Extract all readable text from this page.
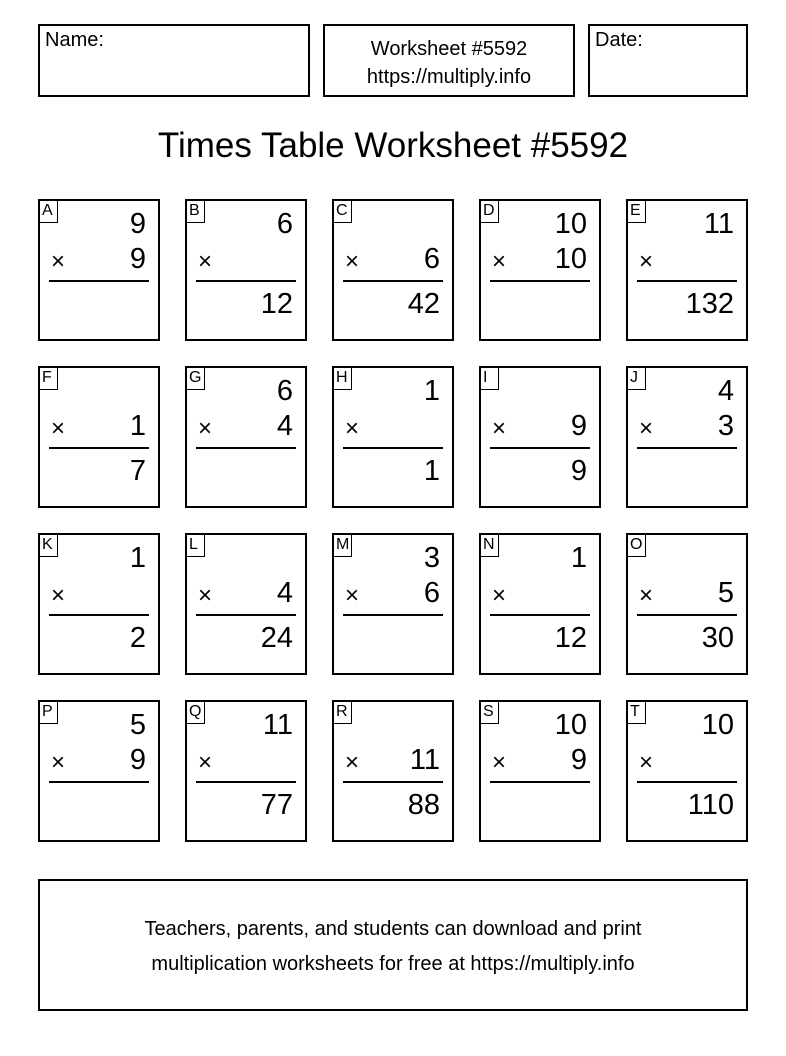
Name:	Worksheet #5592
https://multiply.info
Date:
Times Table Worksheet #5592
A	9
× 9
B	6
×
12
C
× 6
42
D 10
× 10
E 11
×
132
F
× 1
7
G	6
× 4
H	1
×
1
I
× 9
9
J	4
× 3
K	1
×
2
L
× 4
24
M	3
× 6
N	1
×
12
O
× 5
30
P	5
× 9
Q 11
×
77
R
× 11
88
S 10
× 9
T 10
×
110
Teachers, parents, and students can download and print
multiplication worksheets for free at https://multiply.info
